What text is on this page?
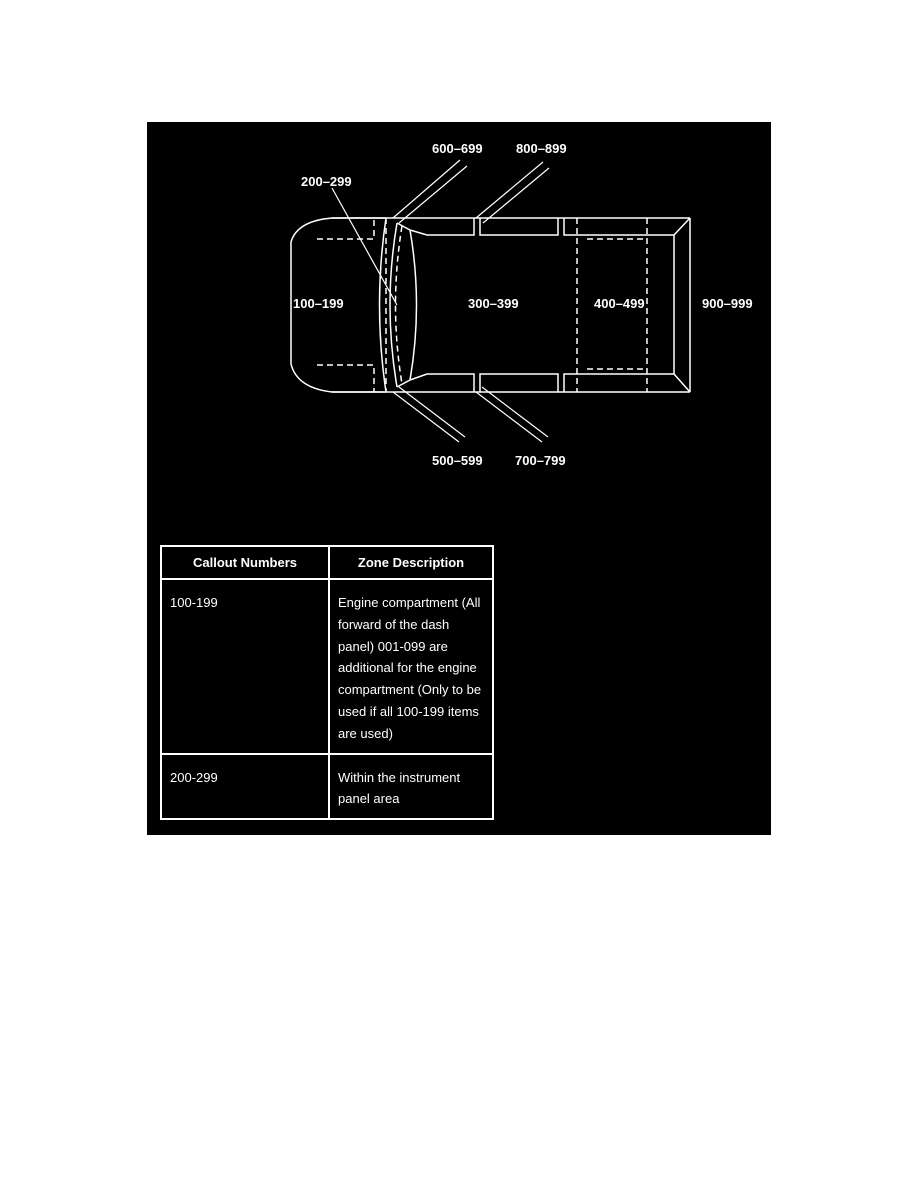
600–699	800–899
200–299
100–199	300–399	400–499	900–999
500–599 700–799
Callout Numbers	Zone Description
100-199	Engine compartment (All forward of the dash panel) 001-099 are additional for the engine compartment (Only to be used if all 100-199 items are used)
200-299	Within the instrument panel area
